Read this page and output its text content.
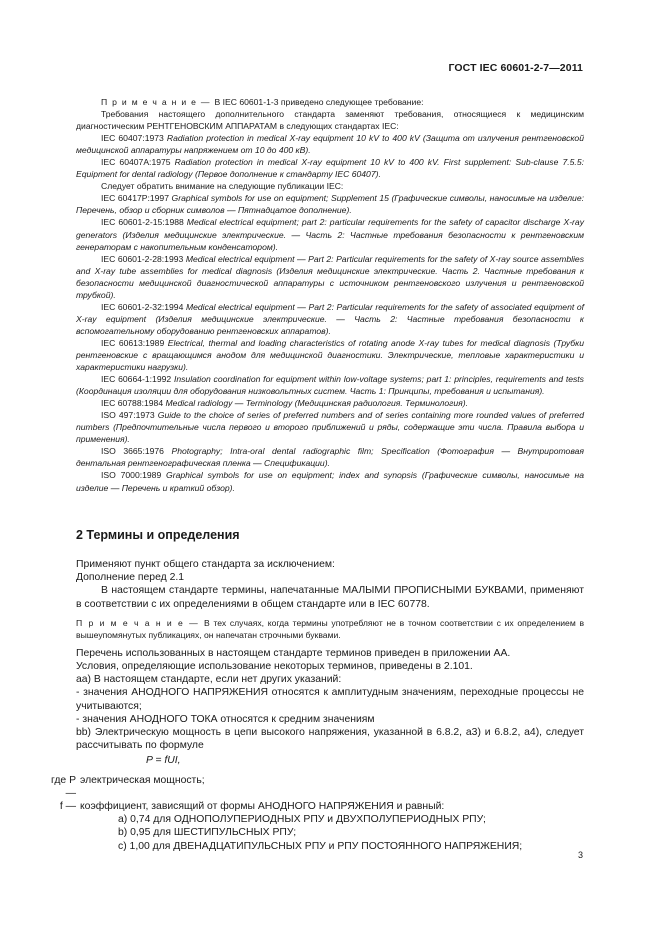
ГОСТ IEC 60601-2-7—2011

П р и м е ч а н и е — В IEC 60601-1-3 приведено следующее требование:

Требования настоящего дополнительного стандарта заменяют требования, относящиеся к медицинским диагностическим РЕНТГЕНОВСКИМ АППАРАТАМ в следующих стандартах IEC:

IEC 60407:1973 Radiation protection in medical X-ray equipment 10 kV to 400 kV (Защита от излучения рентгеновской медицинской аппаратуры напряжением от 10 до 400 кВ).

IEC 60407A:1975 Radiation protection in medical X-ray equipment 10 kV to 400 kV. First supplement: Sub-clause 7.5.5: Equipment for dental radiology (Первое дополнение к стандарту IEC 60407).

Следует обратить внимание на следующие публикации IEC:

IEC 60417P:1997 Graphical symbols for use on equipment; Supplement 15 (Графические символы, наносимые на изделие: Перечень, обзор и сборник символов — Пятнадцатое дополнение).

IEC 60601-2-15:1988 Medical electrical equipment; part 2: particular requirements for the safety of capacitor discharge X-ray generators (Изделия медицинские электрические. — Часть 2: Частные требования безопасности к рентгеновским генераторам с накопительным конденсатором).

IEC 60601-2-28:1993 Medical electrical equipment — Part 2: Particular requirements for the safety of X-ray source assemblies and X-ray tube assemblies for medical diagnosis (Изделия медицинские электрические. Часть 2. Частные требования к безопасности медицинской диагностической аппаратуры с источником рентгеновского излучения и рентгеновской трубкой).

IEC 60601-2-32:1994 Medical electrical equipment — Part 2: Particular requirements for the safety of associated equipment of X-ray equipment (Изделия медицинские электрические. — Часть 2: Частные требования безопасности к вспомогательному оборудованию рентгеновских аппаратов).

IEC 60613:1989 Electrical, thermal and loading characteristics of rotating anode X-ray tubes for medical diagnosis (Трубки рентгеновские с вращающимся анодом для медицинской диагностики. Электрические, тепловые характеристики и характеристики нагрузки).

IEC 60664-1:1992 Insulation coordination for equipment within low-voltage systems; part 1: principles, requirements and tests (Координация изоляции для оборудования низковольтных систем. Часть 1: Принципы, требования и испытания).

IEC 60788:1984 Medical radiology — Terminology (Медицинская радиология. Терминология).

ISO 497:1973 Guide to the choice of series of preferred numbers and of series containing more rounded values of preferred numbers (Предпочтительные числа первого и второго приближений и ряды, содержащие эти числа. Правила выбора и применения).

ISO 3665:1976 Photography; Intra-oral dental radiographic film; Specification (Фотография — Внутриротовая дентальная рентгенографическая пленка — Спецификации).

ISO 7000:1989 Graphical symbols for use on equipment; index and synopsis (Графические символы, наносимые на изделие — Перечень и краткий обзор).

2 Термины и определения

Применяют пункт общего стандарта за исключением:

Дополнение перед 2.1

В настоящем стандарте термины, напечатанные МАЛЫМИ ПРОПИСНЫМИ БУКВАМИ, применяют в соответствии с их определениями в общем стандарте или в IEC 60778.

П р и м е ч а н и е — В тех случаях, когда термины употребляют не в точном соответствии с их определением в вышеупомянутых публикациях, он напечатан строчными буквами.

Перечень использованных в настоящем стандарте терминов приведен в приложении АА.

Условия, определяющие использование некоторых терминов, приведены в 2.101.

аа) В настоящем стандарте, если нет других указаний:

- значения АНОДНОГО НАПРЯЖЕНИЯ относятся к амплитудным значениям, переходные процессы не учитываются;

- значения АНОДНОГО ТОКА относятся к средним значениям

bb) Электрическую мощность в цепи высокого напряжения, указанной в 6.8.2, а3) и 6.8.2, а4), следует рассчитывать по формуле

P = fUI,

где P —
электрическая мощность;
f — коэффициент, зависящий от формы АНОДНОГО НАПРЯЖЕНИЯ и равный:
a) 0,74 для ОДНОПОЛУПЕРИОДНЫХ РПУ и ДВУХПОЛУПЕРИОДНЫХ РПУ;
b) 0,95 для ШЕСТИПУЛЬСНЫХ РПУ;
c) 1,00 для ДВЕНАДЦАТИПУЛЬСНЫХ РПУ и РПУ ПОСТОЯННОГО НАПРЯЖЕНИЯ;
3
